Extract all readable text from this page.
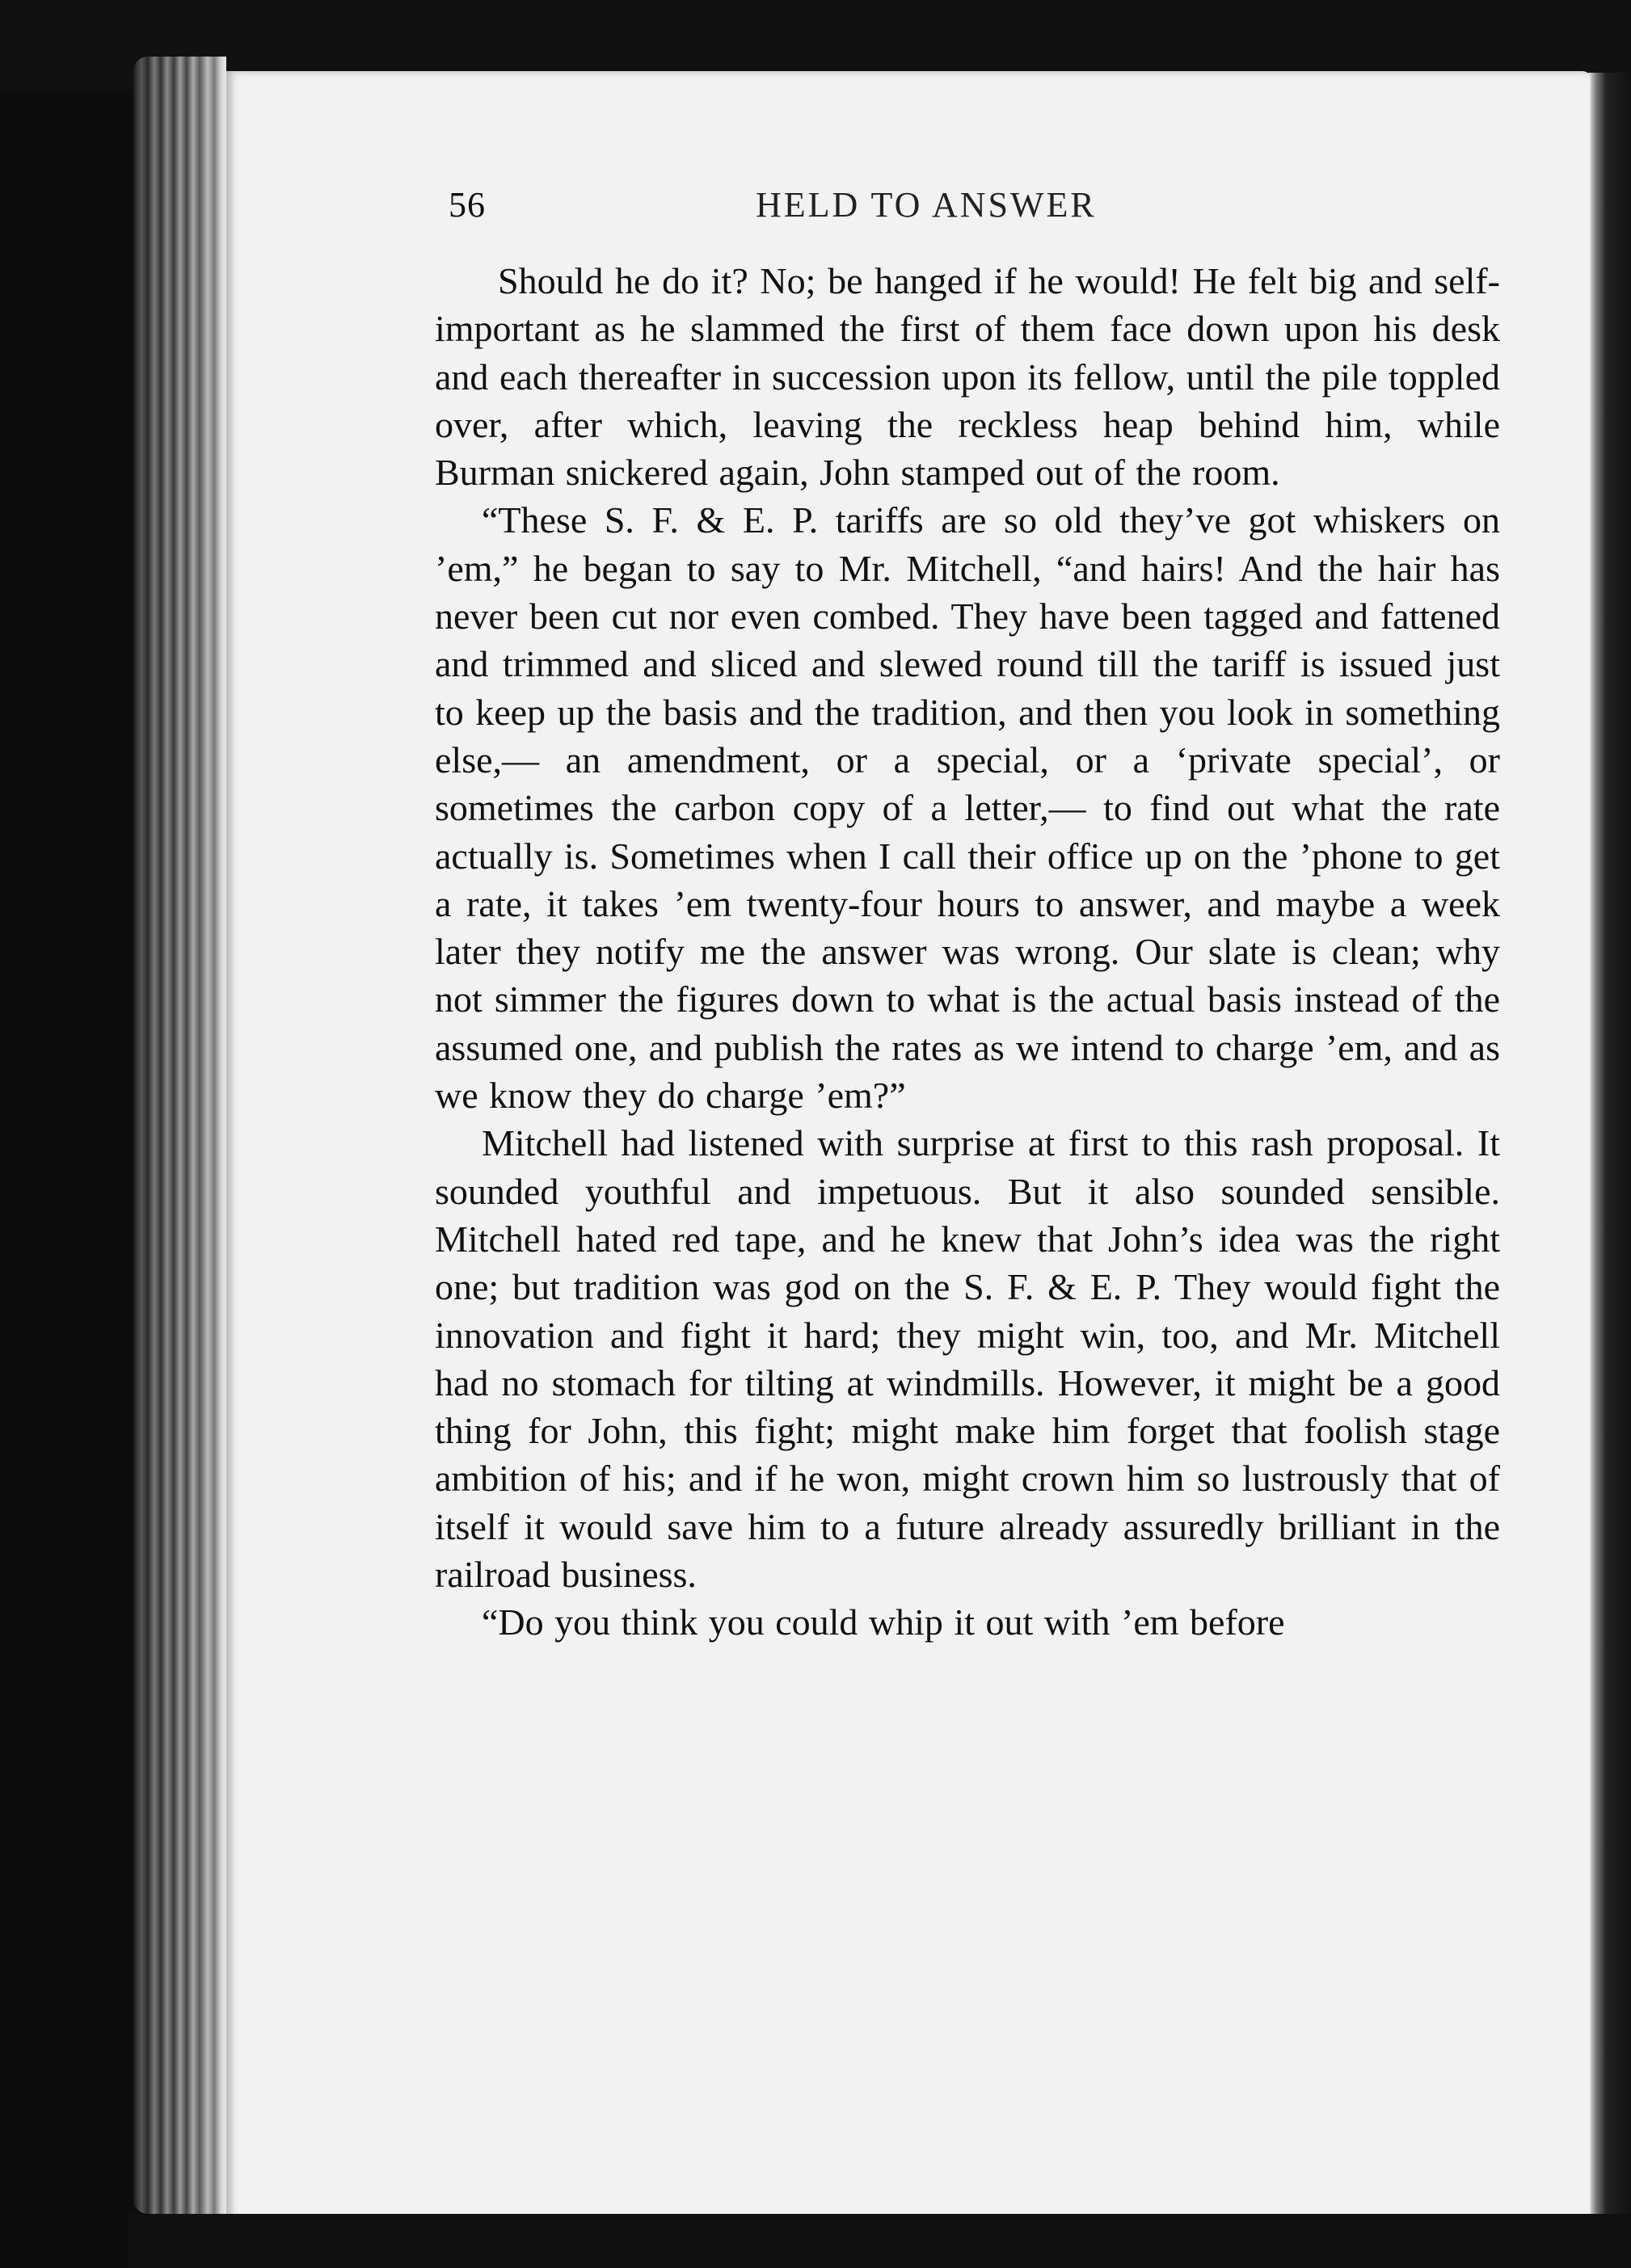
56	HELD TO ANSWER

Should he do it? No; be hanged if he would! He felt big and self-important as he slammed the first of them face down upon his desk and each thereafter in succession upon its fellow, until the pile toppled over, after which, leaving the reckless heap behind him, while Burman snickered again, John stamped out of the room.

“These S. F. & E. P. tariffs are so old they’ve got whiskers on ’em,” he began to say to Mr. Mitchell, “and hairs! And the hair has never been cut nor even combed. They have been tagged and fattened and trimmed and sliced and slewed round till the tariff is issued just to keep up the basis and the tradition, and then you look in something else,— an amendment, or a special, or a ‘private special’, or sometimes the carbon copy of a letter,— to find out what the rate actually is. Sometimes when I call their office up on the ’phone to get a rate, it takes ’em twenty-four hours to answer, and maybe a week later they notify me the answer was wrong. Our slate is clean; why not simmer the figures down to what is the actual basis instead of the assumed one, and publish the rates as we intend to charge ’em, and as we know they do charge ’em?”

Mitchell had listened with surprise at first to this rash proposal. It sounded youthful and impetuous. But it also sounded sensible. Mitchell hated red tape, and he knew that John’s idea was the right one; but tradition was god on the S. F. & E. P. They would fight the innovation and fight it hard; they might win, too, and Mr. Mitchell had no stomach for tilting at windmills. However, it might be a good thing for John, this fight; might make him forget that foolish stage ambition of his; and if he won, might crown him so lustrously that of itself it would save him to a future already assuredly brilliant in the railroad business.

“Do you think you could whip it out with ’em before
